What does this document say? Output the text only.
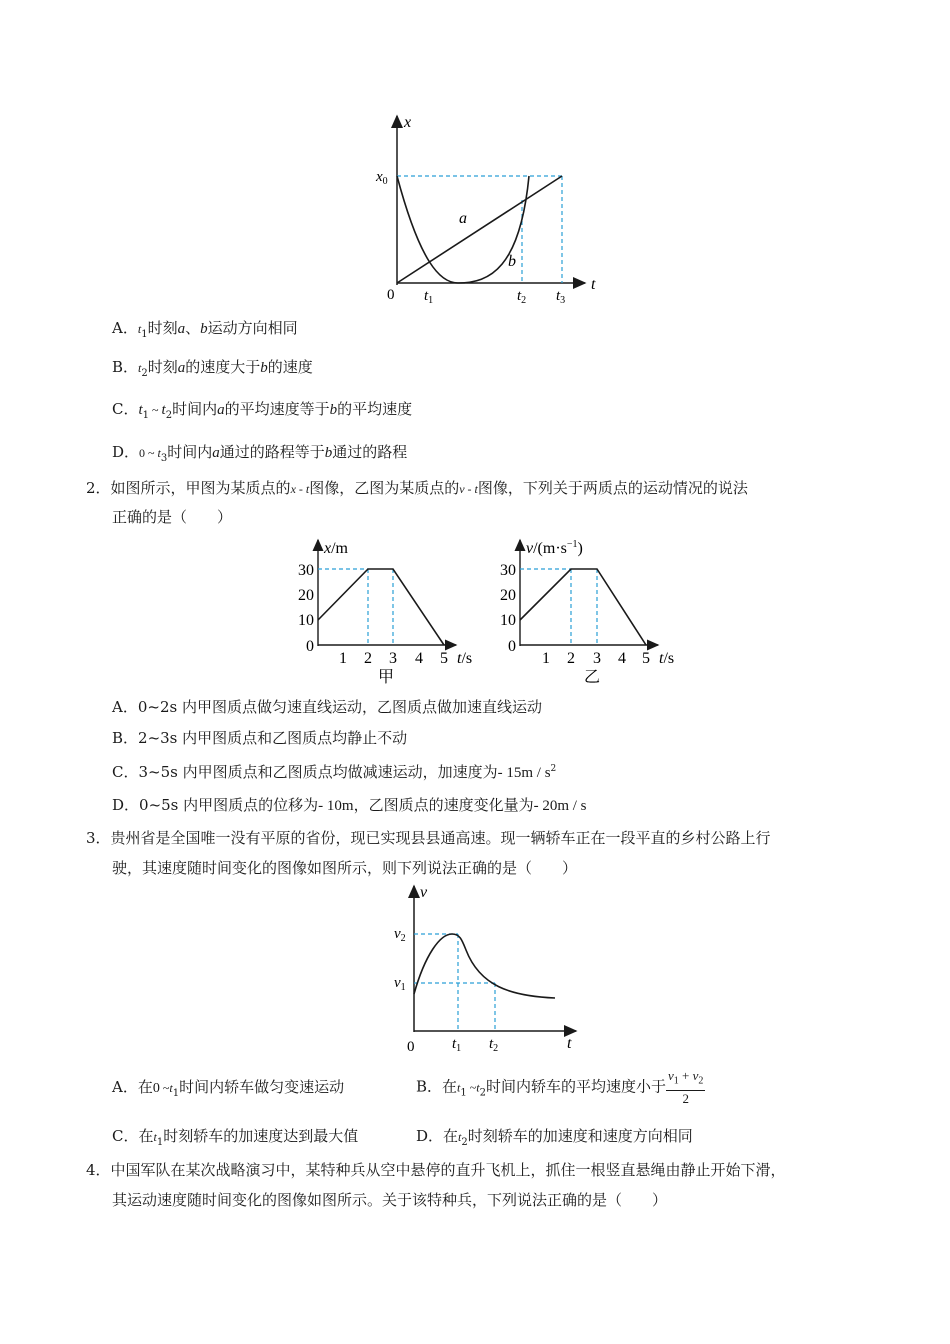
x
t
$x_0$
0 $t_1$	$t_2$ $t_3$
a
b
A．$t_1$时刻a、b运动方向相同
B．$t_2$时刻a的速度大于b的速度
C．$t_1$ ~ $t_2$时间内a的平均速度等于b的平均速度
D．0 ~ $t_3$时间内a通过的路程等于b通过的路程
2．如图所示，甲图为某质点的x - t图像，乙图为某质点的v - t图像，下列关于两质点的运动情况的说法
正确的是（　　）
30
20
10
0
1 2 3 4 5
x/m
t/s
甲
30
20
10
0
1 2 3 4 5
$v/(m\cdot s^{-1})$
t/s
乙
A．0~2s 内甲图质点做匀速直线运动，乙图质点做加速直线运动
B．2~3s 内甲图质点和乙图质点均静止不动
C．3~5s 内甲图质点和乙图质点均做减速运动，加速度为- $15m / s^2$
D．0~5s 内甲图质点的位移为- 10m，乙图质点的速度变化量为- 20m / s
3．贵州省是全国唯一没有平原的省份，现已实现县县通高速。现一辆轿车正在一段平直的乡村公路上行
驶，其速度随时间变化的图像如图所示，则下列说法正确的是（　　）
v
t
0
$v_2$
$v_1$
$t_1$ $t_2$
A．在0 $\sim t_1$时间内轿车做匀变速运动	B．在$t_1$ $\sim t_2$时间内轿车的平均速度小于 $\frac{v_1 + v_2}{2}$
C．在$t_1$时刻轿车的加速度达到最大值	D．在$t_2$时刻轿车的加速度和速度方向相同
4．中国军队在某次战略演习中，某特种兵从空中悬停的直升飞机上，抓住一根竖直悬绳由静止开始下滑，
其运动速度随时间变化的图像如图所示。关于该特种兵，下列说法正确的是（　　）
